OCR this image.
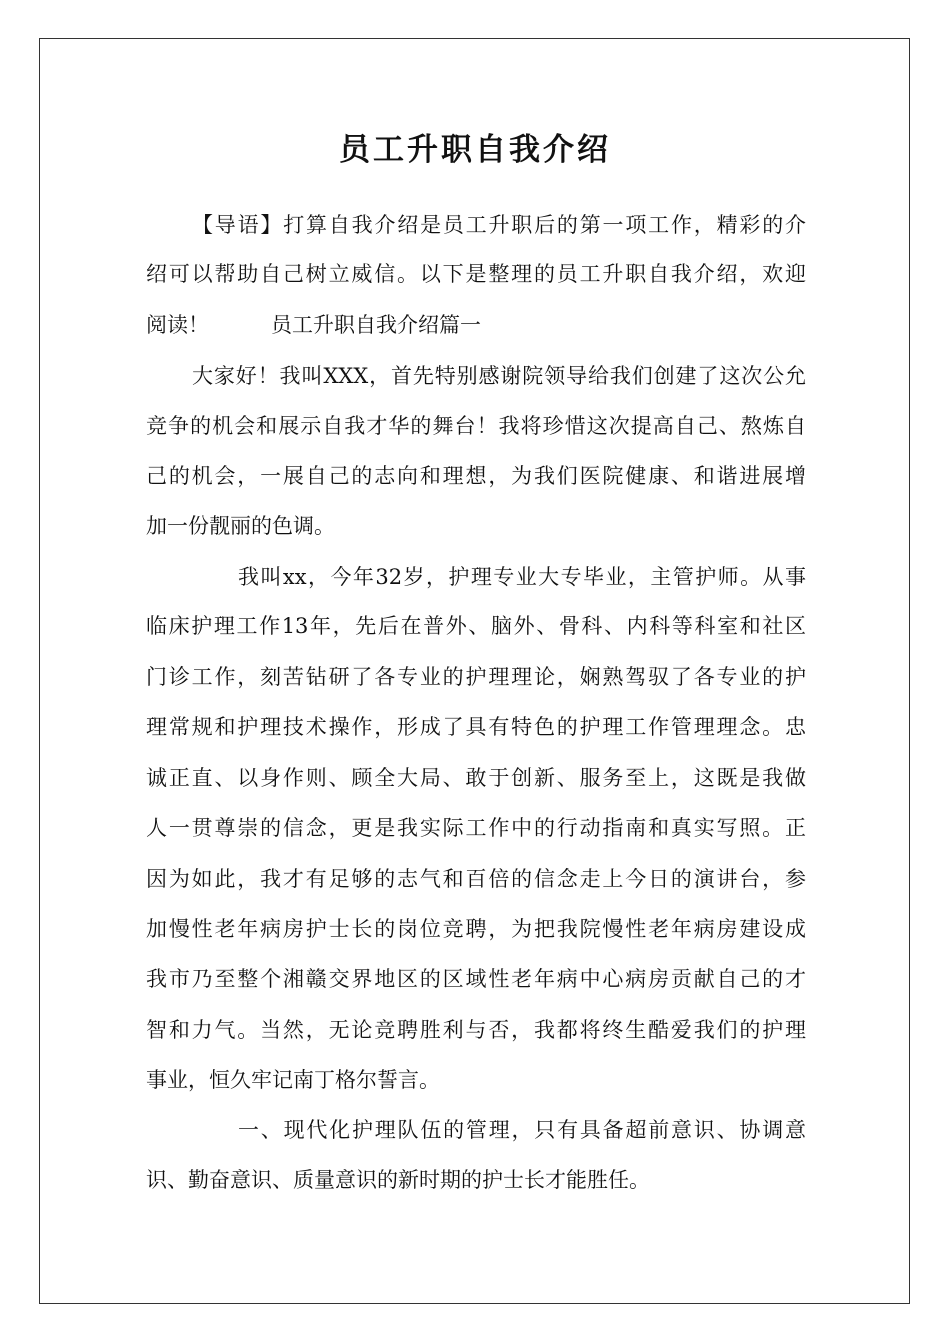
员工升职自我介绍
【导语】打算自我介绍是员工升职后的第一项工作，精彩的介
绍可以帮助自己树立威信。以下是整理的员工升职自我介绍，欢迎
阅读！	员工升职自我介绍篇一
大家好！我叫XXX，首先特别感谢院领导给我们创建了这次公允
竞争的机会和展示自我才华的舞台！我将珍惜这次提高自己、熬炼自
己的机会，一展自己的志向和理想，为我们医院健康、和谐进展增
加一份靓丽的色调。
我叫xx，今年32岁，护理专业大专毕业，主管护师。从事
临床护理工作13年，先后在普外、脑外、骨科、内科等科室和社区
门诊工作，刻苦钻研了各专业的护理理论，娴熟驾驭了各专业的护
理常规和护理技术操作，形成了具有特色的护理工作管理理念。忠
诚正直、以身作则、顾全大局、敢于创新、服务至上，这既是我做
人一贯尊崇的信念，更是我实际工作中的行动指南和真实写照。正
因为如此，我才有足够的志气和百倍的信念走上今日的演讲台，参
加慢性老年病房护士长的岗位竞聘，为把我院慢性老年病房建设成
我市乃至整个湘赣交界地区的区域性老年病中心病房贡献自己的才
智和力气。当然，无论竞聘胜利与否，我都将终生酷爱我们的护理
事业，恒久牢记南丁格尔誓言。
一、现代化护理队伍的管理，只有具备超前意识、协调意
识、勤奋意识、质量意识的新时期的护士长才能胜任。
